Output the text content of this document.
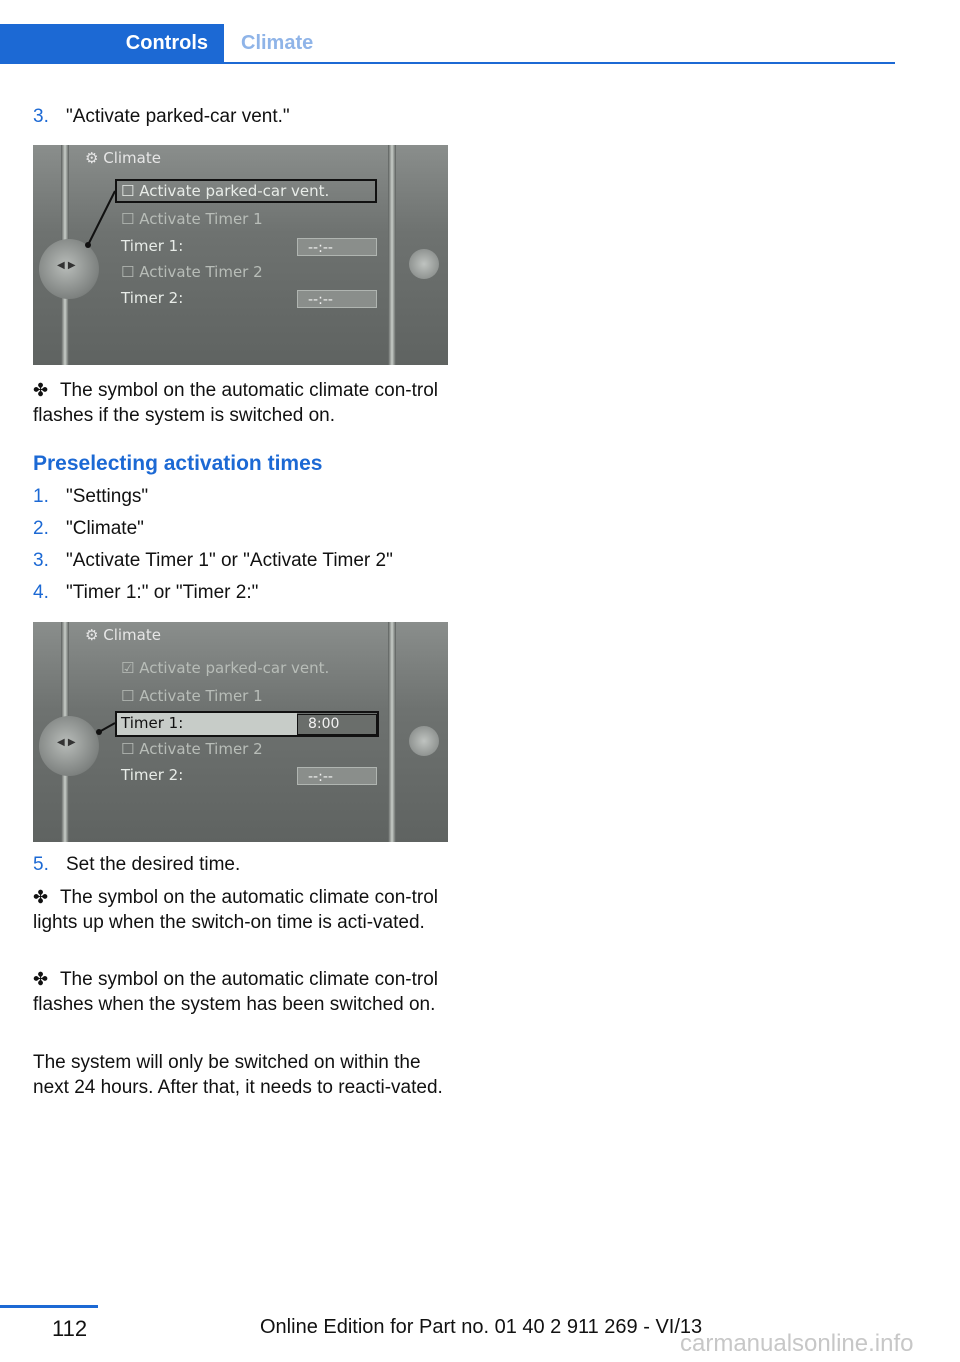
Controls	Climate
3. "Activate parked-car vent."
◀ ▶
⚙ Climate
☐ Activate parked-car vent.
☐ Activate Timer 1
Timer 1:	--:--
☐ Activate Timer 2
Timer 2:	--:--
✤ The symbol on the automatic climate con-trol flashes if the system is switched on.
Preselecting activation times
1. "Settings"
2. "Climate"
3. "Activate Timer 1" or "Activate Timer 2"
4. "Timer 1:" or "Timer 2:"
◀ ▶
⚙ Climate
☑ Activate parked-car vent.
☐ Activate Timer 1
Timer 1:	8:00
☐ Activate Timer 2
Timer 2:	--:--
5. Set the desired time.
✤ The symbol on the automatic climate con-trol lights up when the switch-on time is acti-vated.
✤ The symbol on the automatic climate con-trol flashes when the system has been switched on.
The system will only be switched on within the next 24 hours. After that, it needs to reacti-vated.
112	Online Edition for Part no. 01 40 2 911 269 - VI/13
carmanualsonline.info
